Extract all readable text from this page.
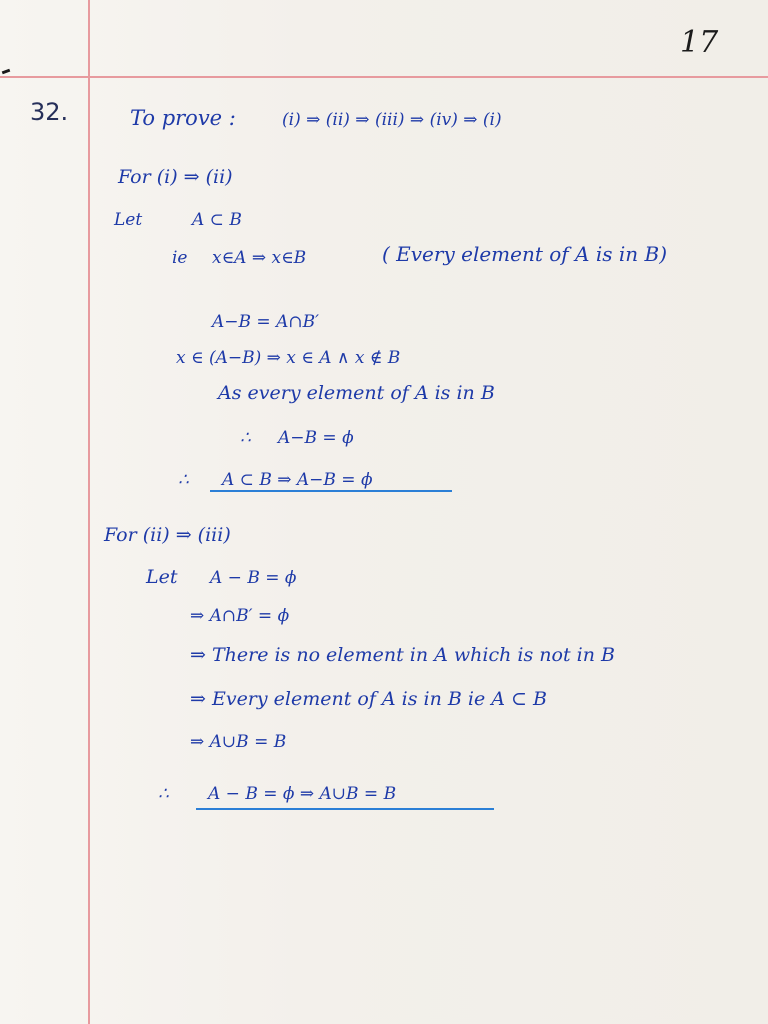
17
32.	To prove :	(i) ⇒ (ii) ⇒ (iii) ⇒ (iv) ⇒ (i)
For (i) ⇒ (ii)
Let	A ⊂ B
ie x∈A ⇒ x∈B	( Every element of A is in B)
A−B = A∩B′
x ∈ (A−B) ⇒ x ∈ A ∧ x ∉ B
As every element of A is in B
∴ A−B = ϕ
∴ A ⊂ B ⇒ A−B = ϕ
For (ii) ⇒ (iii)
Let A − B = ϕ
⇒ A∩B′ = ϕ
⇒ There is no element in A which is not in B
⇒ Every element of A is in B ie A ⊂ B
⇒ A∪B = B
∴ A − B = ϕ ⇒ A∪B = B
